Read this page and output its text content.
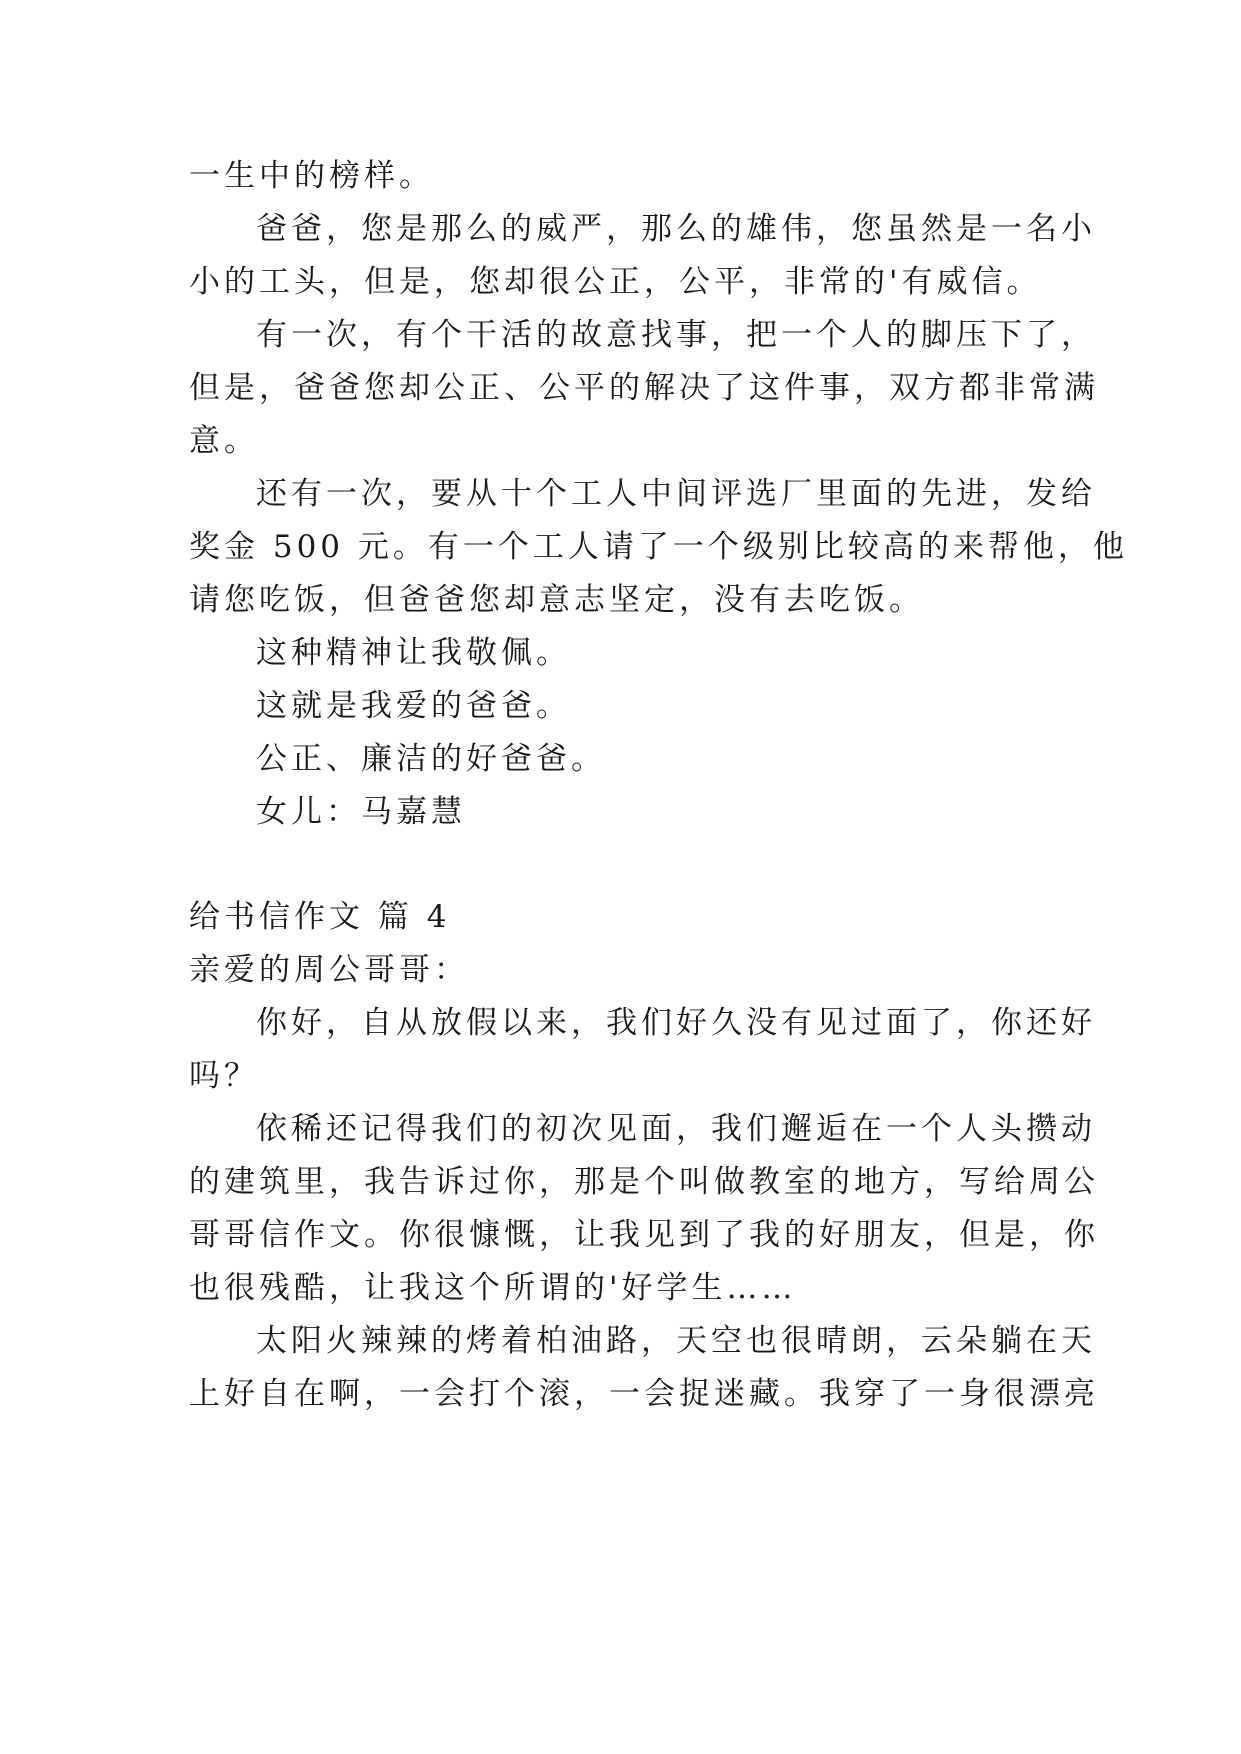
一生中的榜样。
爸爸，您是那么的威严，那么的雄伟，您虽然是一名小
小的工头，但是，您却很公正，公平，非常的'有威信。
有一次，有个干活的故意找事，把一个人的脚压下了，
但是，爸爸您却公正、公平的解决了这件事，双方都非常满
意。
还有一次，要从十个工人中间评选厂里面的先进，发给
奖金 500 元。有一个工人请了一个级别比较高的来帮他，他
请您吃饭，但爸爸您却意志坚定，没有去吃饭。
这种精神让我敬佩。
这就是我爱的爸爸。
公正、廉洁的好爸爸。
女儿：马嘉慧
给书信作文 篇 4
亲爱的周公哥哥：
你好，自从放假以来，我们好久没有见过面了，你还好
吗？
依稀还记得我们的初次见面，我们邂逅在一个人头攒动
的建筑里，我告诉过你，那是个叫做教室的地方，写给周公
哥哥信作文。你很慷慨，让我见到了我的好朋友，但是，你
也很残酷，让我这个所谓的'好学生……
太阳火辣辣的烤着柏油路，天空也很晴朗，云朵躺在天
上好自在啊，一会打个滚，一会捉迷藏。我穿了一身很漂亮
